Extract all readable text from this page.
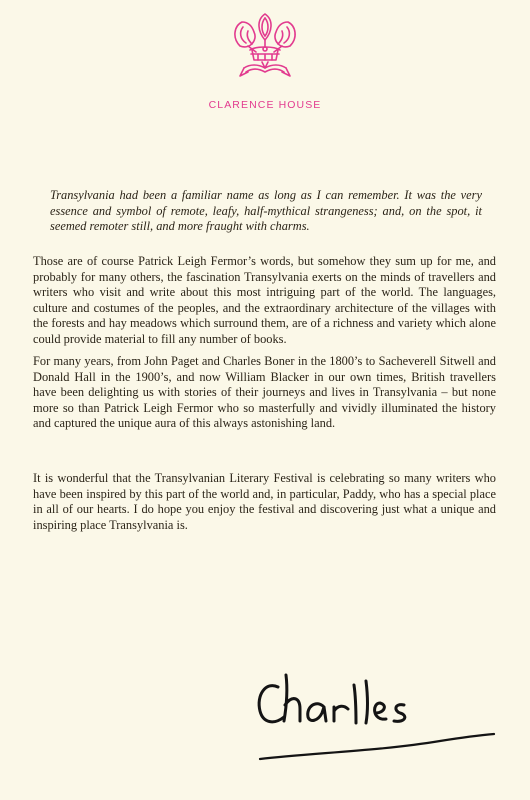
CLARENCE HOUSE
Transylvania had been a familiar name as long as I can remember. It was the very essence and symbol of remote, leafy, half-mythical strangeness; and, on the spot, it seemed remoter still, and more fraught with charms.

Those are of course Patrick Leigh Fermor’s words, but somehow they sum up for me, and probably for many others, the fascination Transylvania exerts on the minds of travellers and writers who visit and write about this most intriguing part of the world. The languages, culture and costumes of the peoples, and the extraordinary architecture of the villages with the forests and hay meadows which surround them, are of a richness and variety which alone could provide material to fill any number of books.

For many years, from John Paget and Charles Boner in the 1800’s to Sacheverell Sitwell and Donald Hall in the 1900’s, and now William Blacker in our own times, British travellers have been delighting us with stories of their journeys and lives in Transylvania – but none more so than Patrick Leigh Fermor who so masterfully and vividly illuminated the history and captured the unique aura of this always astonishing land.

It is wonderful that the Transylvanian Literary Festival is celebrating so many writers who have been inspired by this part of the world and, in particular, Paddy, who has a special place in all of our hearts. I do hope you enjoy the festival and discovering just what a unique and inspiring place Transylvania is.
